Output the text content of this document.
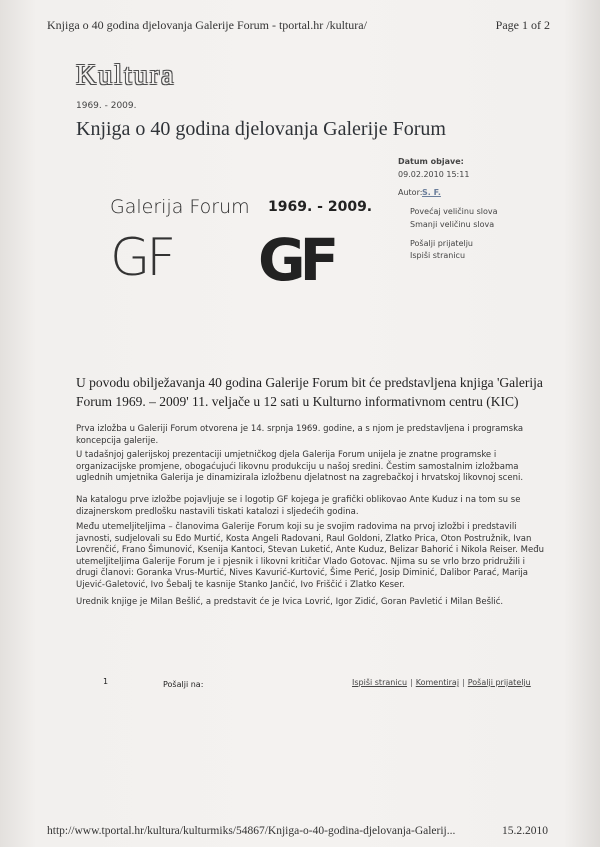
Knjiga o 40 godina djelovanja Galerije Forum - tportal.hr /kultura/	Page 1 of 2
Kultura
1969. - 2009.
Knjiga o 40 godina djelovanja Galerije Forum
Datum objave:
09.02.2010 15:11
Autor: S. F.
Povećaj veličinu slova
Smanji veličinu slova
Pošalji prijatelju
Ispiši stranicu
Galerija Forum 1969. - 2009.
GF GF
U povodu obilježavanja 40 godina Galerije Forum bit će predstavljena knjiga 'Galerija Forum 1969. – 2009' 11. veljače u 12 sati u Kulturno informativnom centru (KIC)
Prva izložba u Galeriji Forum otvorena je 14. srpnja 1969. godine, a s njom je predstavljena i programska koncepcija galerije.
U tadašnjoj galerijskoj prezentaciji umjetničkog djela Galerija Forum unijela je znatne programske i organizacijske promjene, obogaćujući likovnu produkciju u našoj sredini. Čestim samostalnim izložbama uglednih umjetnika Galerija je dinamizirala izložbenu djelatnost na zagrebačkoj i hrvatskoj likovnoj sceni.
Na katalogu prve izložbe pojavljuje se i logotip GF kojega je grafički oblikovao Ante Kuduz i na tom su se dizajnerskom predlošku nastavili tiskati katalozi i sljedećih godina.
Među utemeljiteljima – članovima Galerije Forum koji su je svojim radovima na prvoj izložbi i predstavili javnosti, sudjelovali su Edo Murtić, Kosta Angeli Radovani, Raul Goldoni, Zlatko Prica, Oton Postružnik, Ivan Lovrenčić, Frano Šimunović, Ksenija Kantoci, Stevan Luketić, Ante Kuduz, Belizar Bahorić i Nikola Reiser. Među utemeljiteljima Galerije Forum je i pjesnik i likovni kritičar Vlado Gotovac. Njima su se vrlo brzo pridružili i drugi članovi: Goranka Vrus-Murtić, Nives Kavurić-Kurtović, Šime Perić, Josip Diminić, Dalibor Parać, Marija Ujević-Galetović, Ivo Šebalj te kasnije Stanko Jančić, Ivo Friščić i Zlatko Keser.
Urednik knjige je Milan Bešlić, a predstavit će je Ivica Lovrić, Igor Zidić, Goran Pavletić i Milan Bešlić.
1	Pošalji na:	Ispiši stranicu | Komentiraj | Pošalji prijatelju
http://www.tportal.hr/kultura/kulturmiks/54867/Knjiga-o-40-godina-djelovanja-Galerij...	15.2.2010
